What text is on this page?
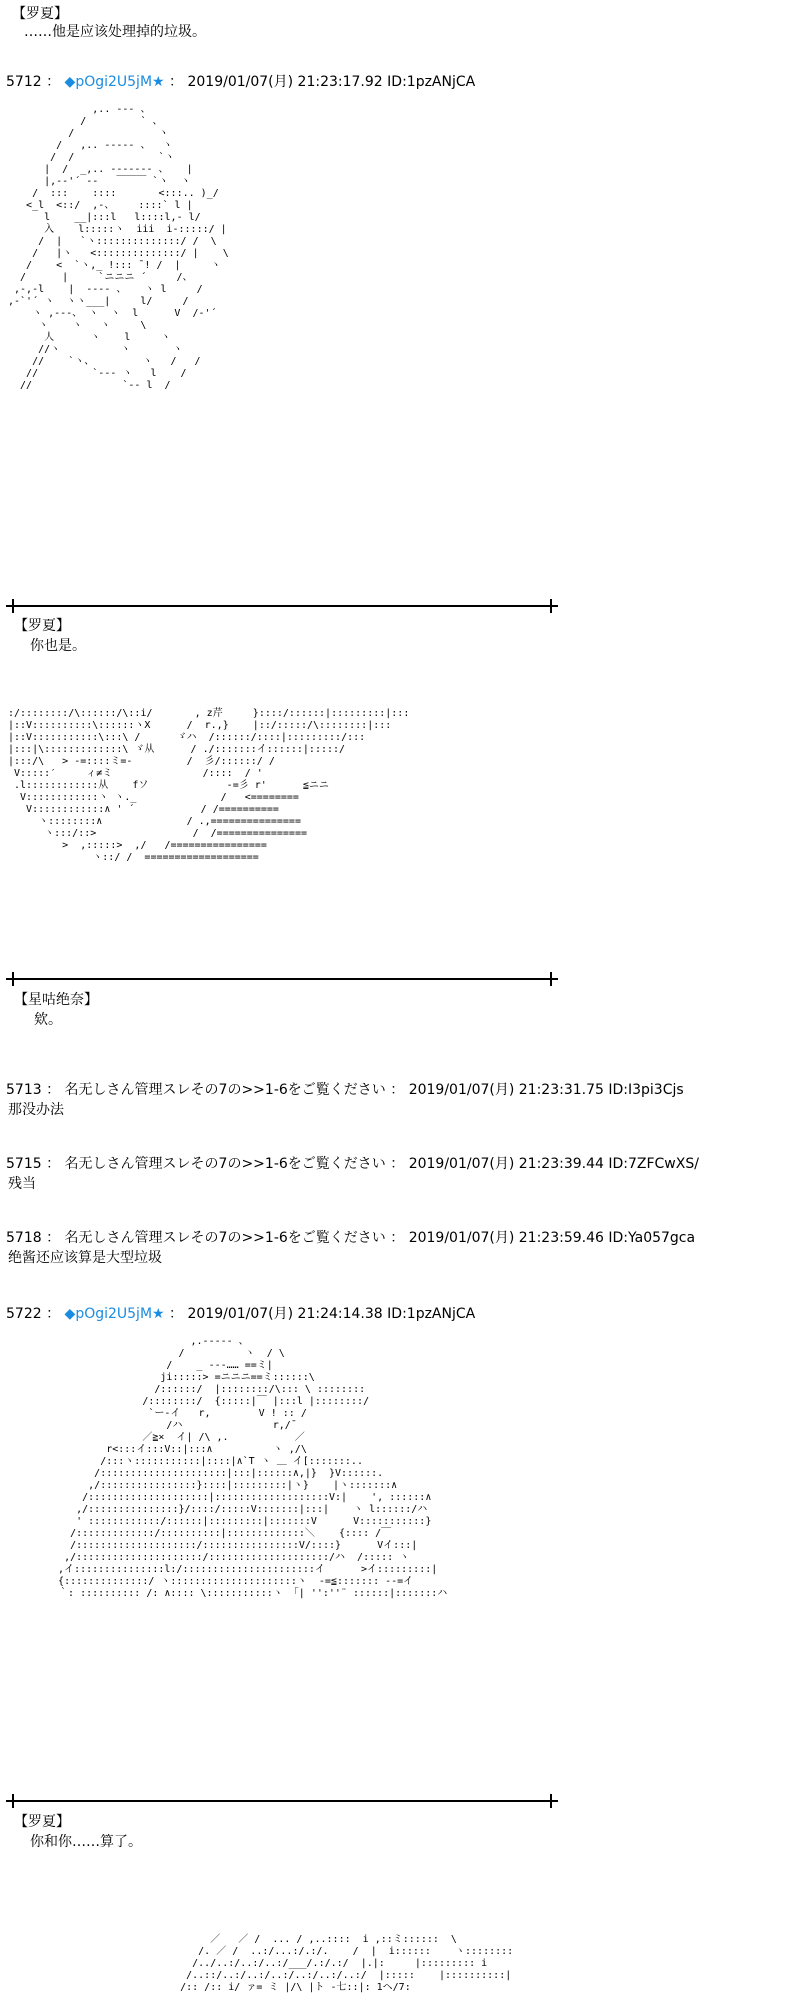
【罗夏】
……他是应该处理掉的垃圾。
5712 ： ◆pOgi2U5jM★ ： 2019/01/07(月) 21:23:17.92 ID:1pzANjCA
,.. -‐‐ 、
/         ` 、
/              ヽ
/   ,.. -‐‐‐‐ 、  ヽ
/  /              `ヽ
|  /  _,.. -‐‐‐‐‐- 、   |
|,-‐'´ ‐‐   ￣￣￣ `ヽ  ヽ
/  :::    ::::       <:::.. )_/
<_l  <::/  ,-、    ::::` l |
l    __|:::l   l::::l,- l/
入    l:::::ヽ  iii  i-:::::/ |
/  |   `ヽ::::::::::::::/ /  \
/   |ヽ   <::::::::::::::/ |    \
/    <  `ヽ,_ !::: ̄ ! /  |     ヽ
/      |     `ニニニ ´     /、
,-,-l    |  ‐‐‐‐ 、   ヽ l     /
,-`'´ ヽ  ヽヽ___|     l/     /
ヽ ,-‐‐、 ヽ  ヽ  l      V  /-'´
ヽ    ヽ   ヽ     \
人      ヽ    l     ヽ
//ヽ          ヽ       ヽ
//    `ヽ、        ヽ   /   /
//         `‐‐‐ ヽ   l    /
//               `-- l  /
【罗夏】
你也是。
:/::::::::/\::::::/\::i/       , z芹     }::::/::::::|:::::::::|:::
|::V::::::::::\::::::ヽX      /  r.,}    |::/:::::/\::::::::|:::
|::V:::::::::::\:::\ /      ゞハ  /::::::/::::|:::::::::/:::
|:::|\:::::::::::::\ ゞ从      / ./:::::::イ::::::|:::::/
|:::/\   > -=::::ミ=-         /  彡/::::::/ /
V:::::′     ィ≠ミ               /::::  / '
.l::::::::::::从    fソ             -=彡 r'      ≦ニニ
V::::::::::::ヽ ヽ._              /   <========
V::::::::::::∧ ' ´           / /==========
ヽ::::::::∧              / .,===============
ヽ:::/::>                /  /===============
>  ,:::::>  ,/   /================
ヽ::/ /  ===================
【星咕绝奈】
欸。
5713 ： 名无しさん管理スレその7の>>1-6をご覧ください ： 2019/01/07(月) 21:23:31.75 ID:I3pi3Cjs
那没办法
5715 ： 名无しさん管理スレその7の>>1-6をご覧ください ： 2019/01/07(月) 21:23:39.44 ID:7ZFCwXS/
残当
5718 ： 名无しさん管理スレその7の>>1-6をご覧ください ： 2019/01/07(月) 21:23:59.46 ID:Ya057gca
绝酱还应该算是大型垃圾
5722 ： ◆pOgi2U5jM★ ： 2019/01/07(月) 21:24:14.38 ID:1pzANjCA
,.-‐‐‐‐ 、
/          ヽ  / \
/    _ -‐‐…… ==ミ|
ji:::::> =ニニニ==ミ::::::\
/::::::/  |::::::::/\::: \ ::::::::
/::::::::/  {:::::|￣ |:::l |::::::::/
`ー‐イ   r,        V ! :: /
/ハ               r,/ˉ
／≧×  イ| /\ ,.           ／
r<:::イ:::V::|:::∧          ヽ ,/\
/:::ヽ:::::::::::|::::|∧`T ヽ ＿ イ[:::::::..
/:::::::::::::::::::::|:::|::::::∧,|}  }V::::::.
,/::::::::::::::::}::::|:::::::::|ヽ}    |ヽ:::::::∧
/::::::::::::::::::::|:::::::::::::::::::V:|    ', ::::::∧
,/:::::::::::::::}/::::/:::::V:::::::|:::|    ヽ l::::::/ハ
' ::::::::::::/::::::|:::::::::|:::::::V      V:::::::::::}
/:::::::::::::/::::::::::|:::::::::::::＼    {:::: /￣
/::::::::::::::::::::/::::::::::::::::V/::::}      Vイ:::|
,/:::::::::::::::::::::/::::::::::::::::::::/ハ  /::::: ヽ
,イ:::::::::::::::l:/::::::::::::::::::::::イ      >イ:::::::::|
{::::::::::::::/ ヽ:::::::::::::::::::::ヽ  -=≦::::::: -‐=イ
｀: :::::::::: /: ∧:::: \:::::::::::ヽ 「| '':''¨ ::::::|:::::::ハ
【罗夏】
你和你……算了。
／   ／ /  ... / ,..::::  i ,::ミ::::::  \
/. ／ /  ..:/...:/.:/.    /  |  i::::::    ヽ::::::::
/../..:/..:/..:/___/.:/.:/  |.|:     |::::::::: i
/..::/..:/..:/..:/..:/..:/..:/  |:::::    |::::::::::|
/:: /:: i/ ァ= ミ |/\ |ト -七::|: 1ヘ/7:
